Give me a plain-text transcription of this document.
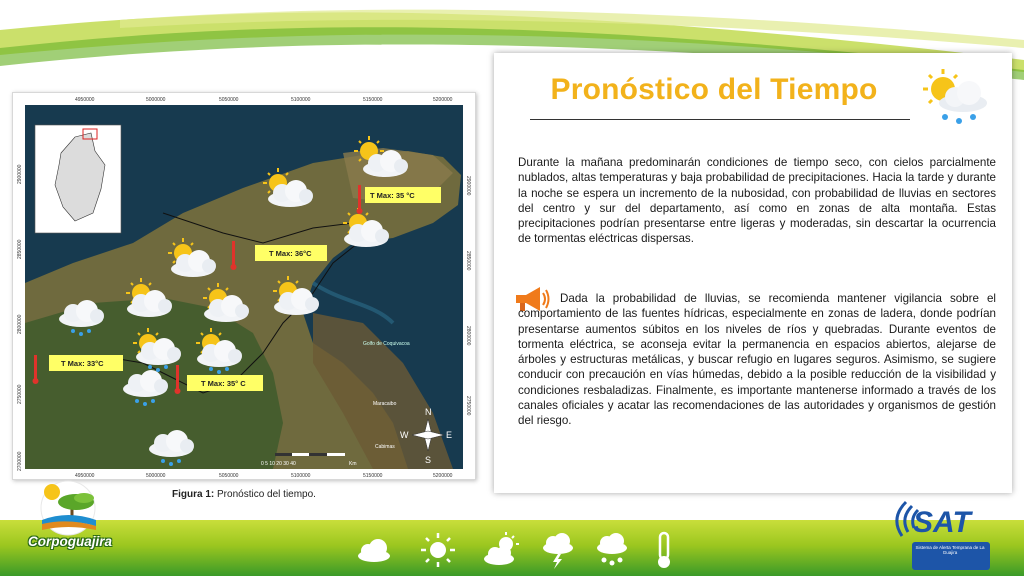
4950000	5000000	5050000	5100000	5150000	5200000
4950000	5000000	5050000	5100000	5150000	5200000
2900000
2850000
2800000
2750000
2700000
2900000
2850000
2800000
2750000
Golfo de Coquivacoa
Maracaibo
Cabimas
T Max: 35 °C
T Max: 36°C
T Max: 33°C
T Max: 35° C
0 5 10 20 30 40	Km
N
S
E
W
Figura 1: Pronóstico del tiempo.
Pronóstico del Tiempo
Durante la mañana predominarán condiciones de tiempo seco, con cielos parcialmente nublados, altas temperaturas y baja probabilidad de precipitaciones. Hacia la tarde y durante la noche se espera un incremento de la nubosidad, con probabilidad de lluvias en sectores del centro y sur del departamento, así como en zonas de alta montaña. Estas precipitaciones podrían presentarse entre ligeras y moderadas, sin descartar la ocurrencia de tormentas eléctricas dispersas.
Dada la probabilidad de lluvias, se recomienda mantener vigilancia sobre el comportamiento de las fuentes hídricas, especialmente en zonas de ladera, donde podrían presentarse aumentos súbitos en los niveles de ríos y quebradas. Durante eventos de tormenta eléctrica, se aconseja evitar la permanencia en espacios abiertos, alejarse de árboles y estructuras metálicas, y buscar refugio en lugares seguros. Asimismo, se sugiere conducir con precaución en vías húmedas, debido a la posible reducción de la visibilidad y condiciones resbaladizas. Finalmente, es importante mantenerse informado a través de los canales oficiales y acatar las recomendaciones de las autoridades y organismos de gestión del riesgo.
Corpoguajira
SAT
Sistema de Alerta Temprana de La Guajira
